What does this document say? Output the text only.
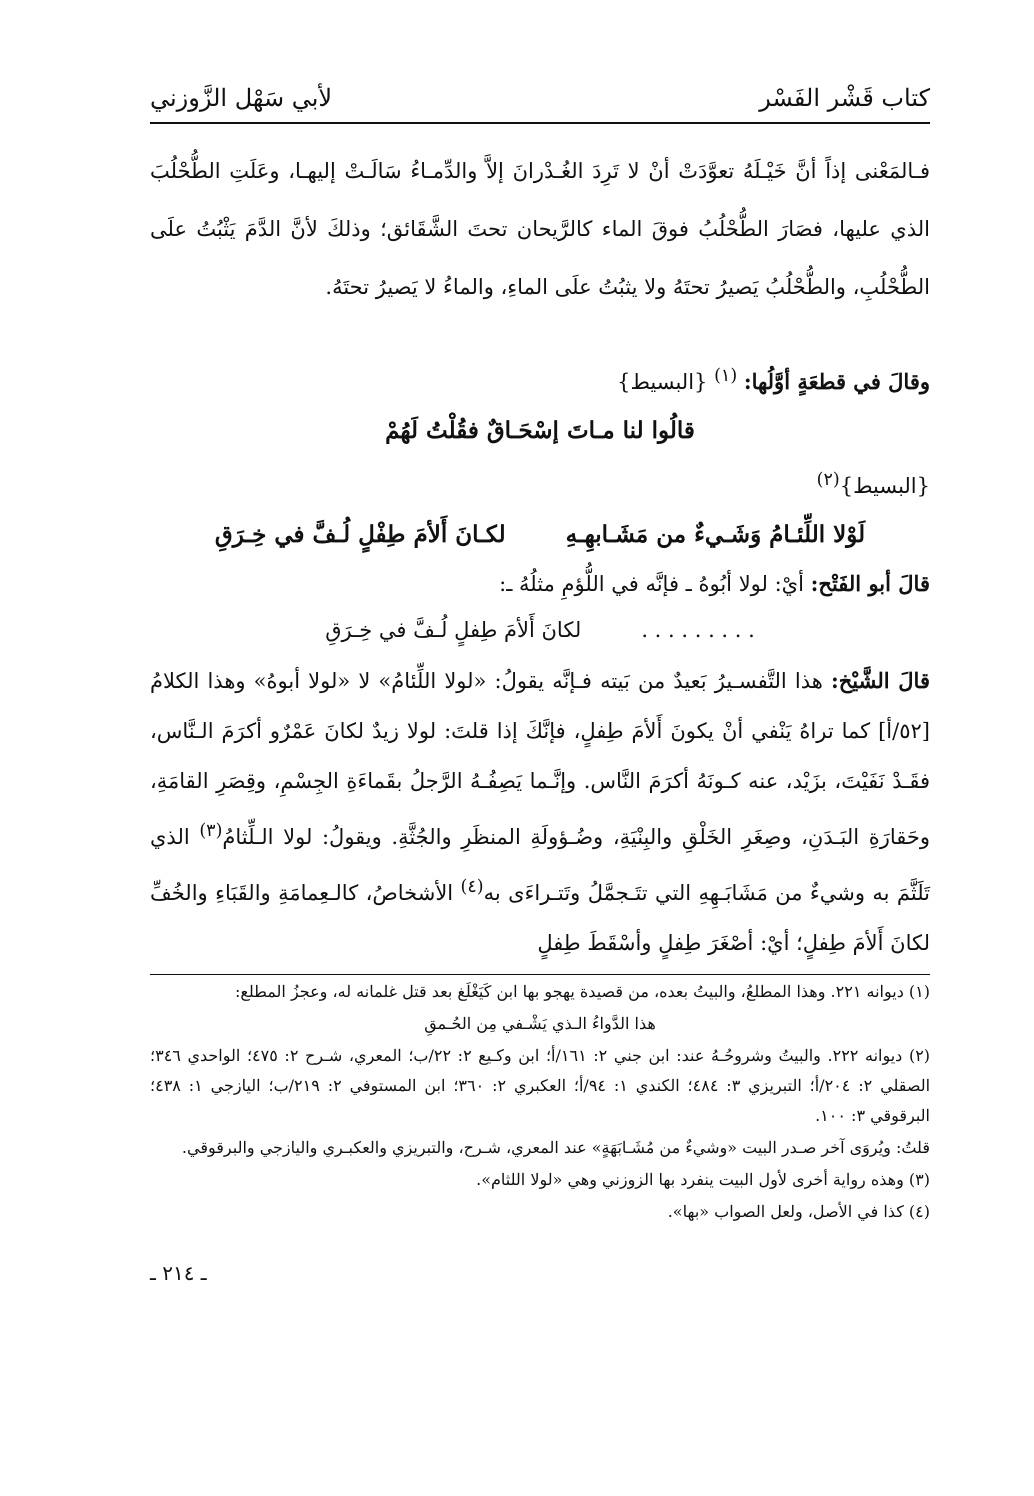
كتاب قَشْر الفَسْر
لأبي سَهْل الزَّوزني

فـالمَعْنى إذاً أنَّ خَيْـلَهُ تعوَّدَتْ أنْ لا تَرِدَ الغُـدْرانَ إلاَّ والدِّمـاءُ سَالَـتْ إليهـا، وعَلَتِ الطُّحْلُبَ الذي عليها، فصَارَ الطُّحْلُبُ فوقَ الماء كالرَّيحان تحتَ الشَّقَائق؛ وذلكَ لأنَّ الدَّمَ يَثْبُتُ علَى الطُّحْلُبِ، والطُّحْلُبُ يَصيرُ تحتَهُ ولا يثبُتُ علَى الماءِ، والماءُ لا يَصيرُ تحتَهُ.

وقالَ في قطعَةٍ أوَّلُها: $^{(١)}$ {البسيط}
قالُوا لنا مـاتَ إسْحَـاقٌ فقُلْتُ لَهُمْ
{البسيط}$^{(٢)}$
لَوْلا اللِّئـامُ وَشَـيءٌ من مَشَـابهِـهِ
لكـانَ أَلأمَ طِفْلٍ لُـفَّ في خِـرَقِ
قالَ أبو الفَتْح: أيْ: لولا أبُوهُ ـ فإنَّه في اللُّؤمِ مثلُهُ ـ:
. . . . . . . . .
لكانَ أَلأمَ طِفلٍ لُـفَّ في خِـرَقِ

قالَ الشَّيْخ: هذا التَّفسـيرُ بَعيدٌ من بَيته فـإنَّه يقولُ: «لولا اللِّئامُ» لا «لولا أبوهُ» وهذا الكلامُ [٥٢/أ] كما تراهُ يَنْفي أنْ يكونَ أَلأمَ طِفلٍ، فإنَّكَ إذا قلتَ: لولا زيدٌ لكانَ عَمْرٌو أكرَمَ الـنَّاس، فقَـدْ نَفَيْتَ، بزَيْد، عنه كـونَهُ أكرَمَ النَّاس. وإنَّـما يَصِفُـهُ الرَّجلُ بقَماءَةِ الجِسْمِ، وقِصَرِ القامَةِ، وحَقارَةِ البَـدَنِ، وصِغَرِ الخَلْقِ والبِنْيَةِ، وضُـؤولَةِ المنظَرِ والجُثَّةِ. ويقولُ: لولا الـلِّثامُ$^{(٣)}$ الذي تَلَثَّمَ به وشيءٌ من مَشَابَـهِهِ التي تتَـجمَّلُ وتَتـراءَى به$^{(٤)}$ الأشخاصُ، كالـعِمامَةِ والقَبَاءِ والخُفِّ لكانَ أَلأمَ طِفلٍ؛ أيْ: أصْغَرَ طِفلٍ وأسْقَطَ طِفلٍ

(١) ديوانه ٢٢١. وهذا المطلعُ، والبيتُ بعده، من قصيدة يهجو بها ابن كَيَغْلَغ بعد قتل غلمانه له، وعجزُ المطلع:

هذا الدَّواءُ الـذي يَشْـفي مِن الحُـمقِ

(٢) ديوانه ٢٢٢. والبيتُ وشروحُـهُ عند: ابن جني ٢: ١٦١/أ؛ ابن وكـيع ٢: ٢٢/ب؛ المعري، شـرح ٢: ٤٧٥؛ الواحدي ٣٤٦؛ الصقلي ٢: ٢٠٤/أ؛ التبريزي ٣: ٤٨٤؛ الكندي ١: ٩٤/أ؛ العكبري ٢: ٣٦٠؛ ابن المستوفي ٢: ٢١٩/ب؛ اليازجي ١: ٤٣٨؛ البرقوقي ٣: ١٠٠.

قلتُ: ويُروَى آخر صـدر البيت «وشيءٌ من مُشَـابَهَةٍ» عند المعري، شـرح، والتبريزي والعكبـري واليازجي والبرقوقي.

(٣) وهذه رواية أخرى لأول البيت ينفرد بها الزوزني وهي «لولا اللثام».

(٤) كذا في الأصل، ولعل الصواب «بها».

ـ ٢١٤ ـ
